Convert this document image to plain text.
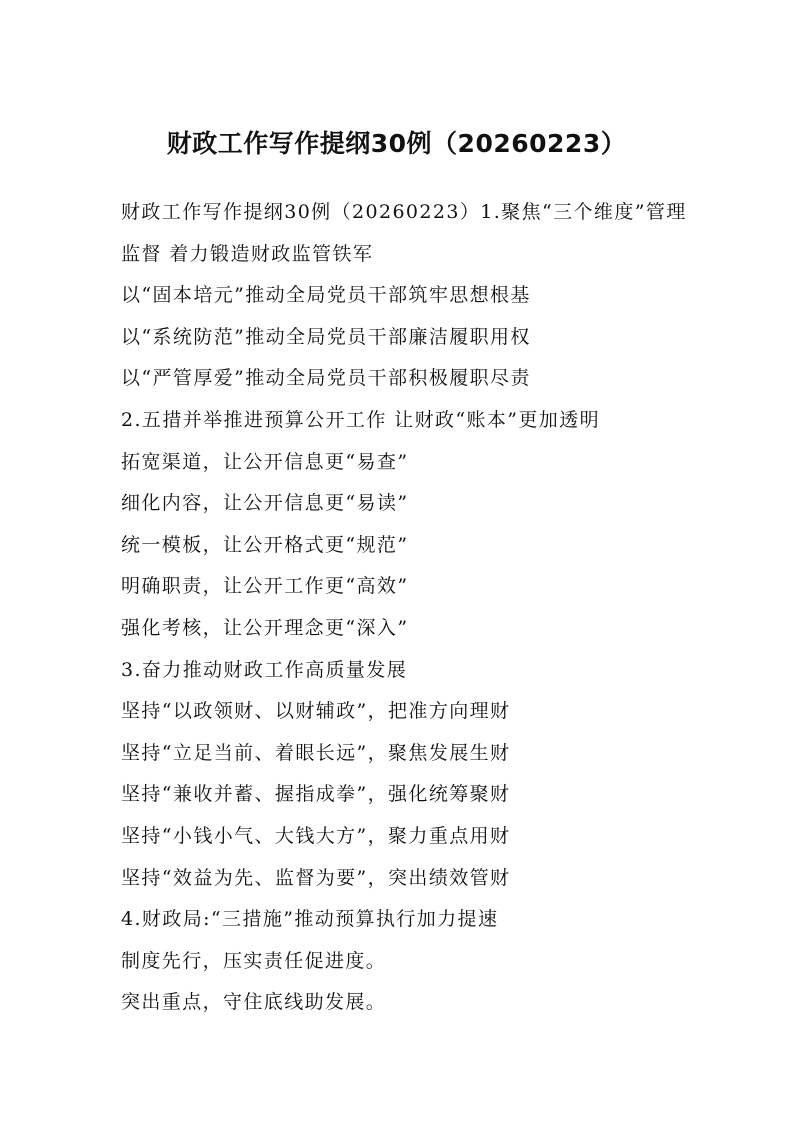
财政工作写作提纲30例（20260223）
财政工作写作提纲30例（20260223）1.聚焦“三个维度”管理
监督 着力锻造财政监管铁军
以“固本培元”推动全局党员干部筑牢思想根基
以“系统防范”推动全局党员干部廉洁履职用权
以“严管厚爱”推动全局党员干部积极履职尽责
2.五措并举推进预算公开工作 让财政“账本”更加透明
拓宽渠道，让公开信息更“易查”
细化内容，让公开信息更“易读”
统一模板，让公开格式更“规范”
明确职责，让公开工作更“高效”
强化考核，让公开理念更“深入”
3.奋力推动财政工作高质量发展
坚持“以政领财、以财辅政”，把准方向理财
坚持“立足当前、着眼长远”，聚焦发展生财
坚持“兼收并蓄、握指成拳”，强化统筹聚财
坚持“小钱小气、大钱大方”，聚力重点用财
坚持“效益为先、监督为要”，突出绩效管财
4.财政局:“三措施”推动预算执行加力提速
制度先行，压实责任促进度。
突出重点，守住底线助发展。
